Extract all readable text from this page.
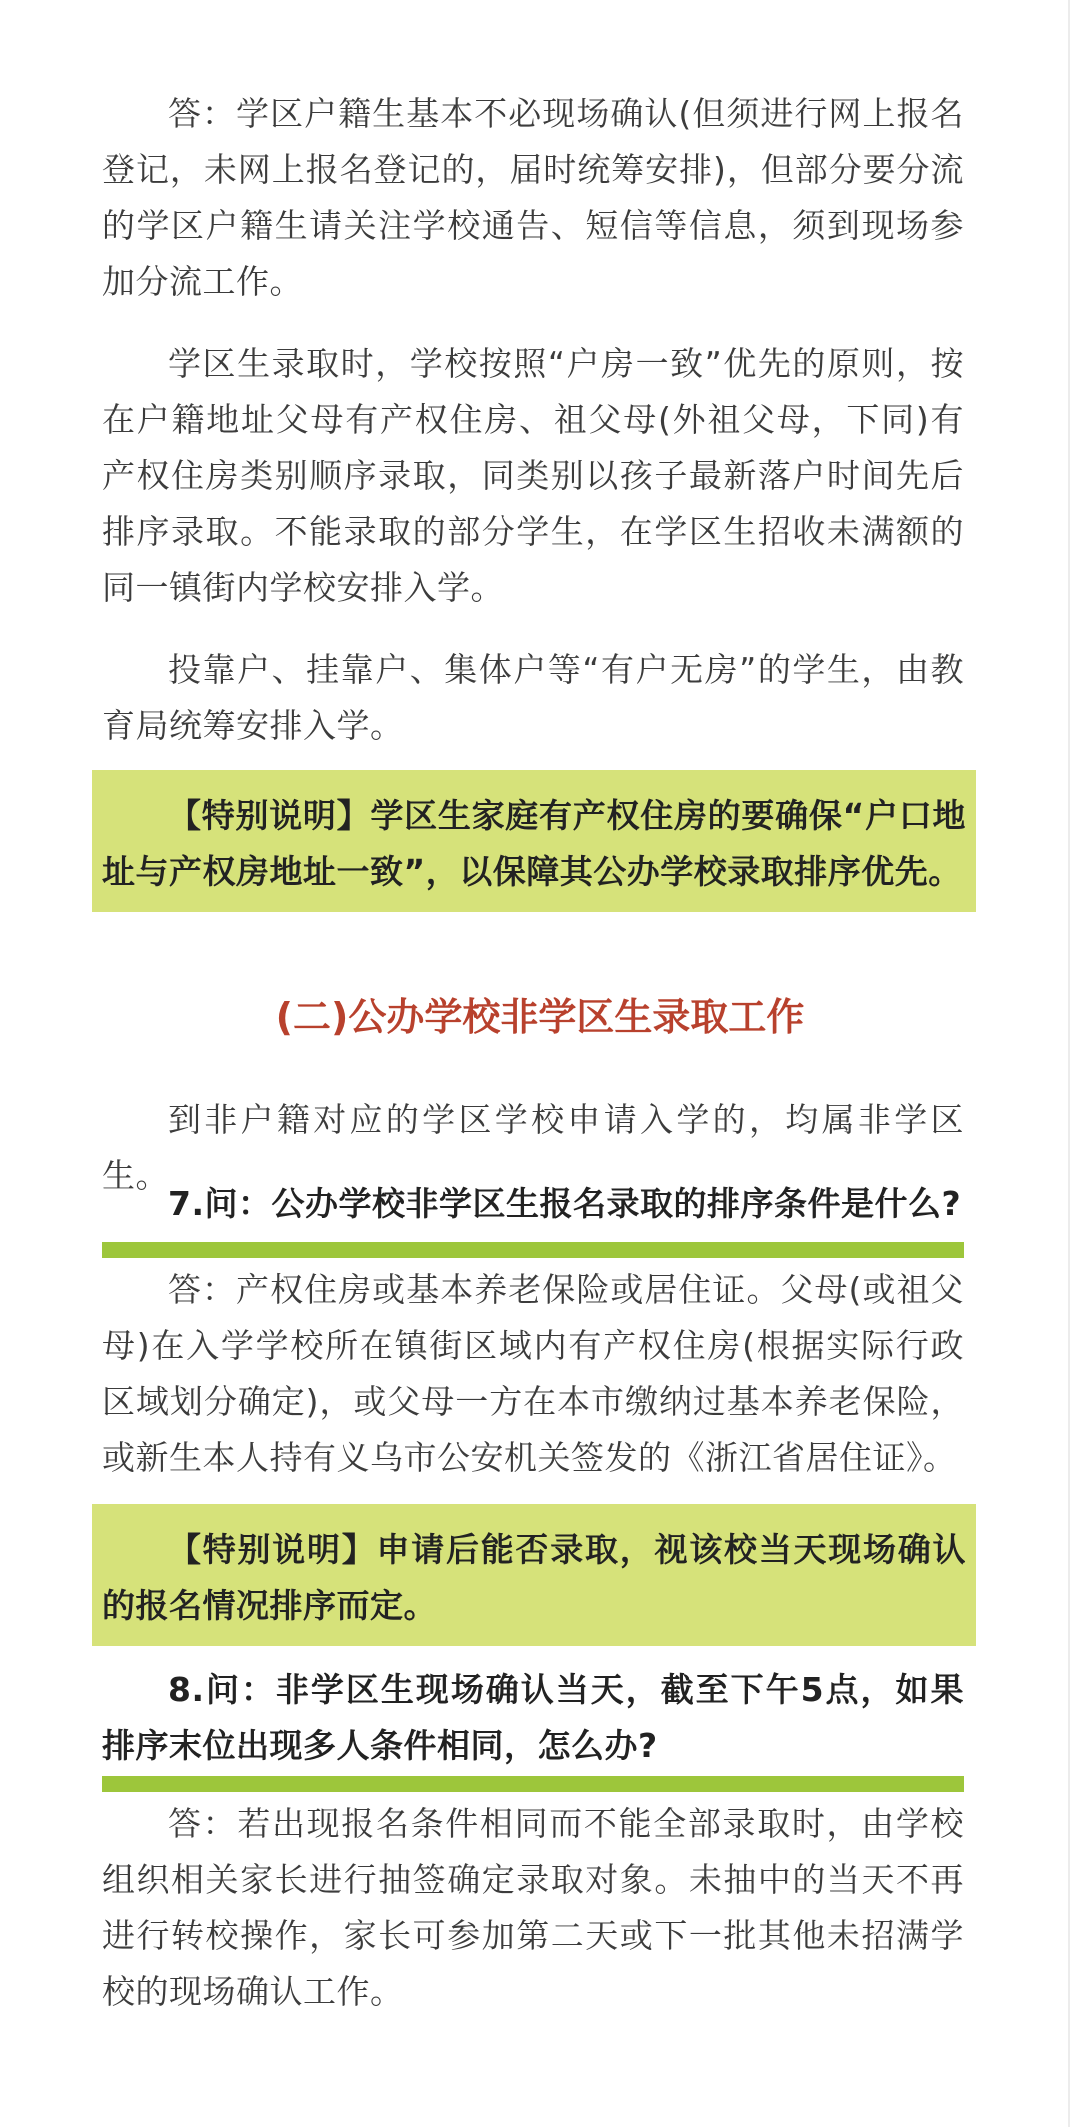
答：学区户籍生基本不必现场确认(但须进行网上报名登记，未网上报名登记的，届时统筹安排)，但部分要分流的学区户籍生请关注学校通告、短信等信息，须到现场参加分流工作。

学区生录取时，学校按照“户房一致”优先的原则，按在户籍地址父母有产权住房、祖父母(外祖父母，下同)有产权住房类别顺序录取，同类别以孩子最新落户时间先后排序录取。不能录取的部分学生，在学区生招收未满额的同一镇街内学校安排入学。

投靠户、挂靠户、集体户等“有户无房”的学生，由教育局统筹安排入学。

【特别说明】学区生家庭有产权住房的要确保“户口地址与产权房地址一致”，以保障其公办学校录取排序优先。

(二)公办学校非学区生录取工作

到非户籍对应的学区学校申请入学的，均属非学区生。

7.问：公办学校非学区生报名录取的排序条件是什么?

答：产权住房或基本养老保险或居住证。父母(或祖父母)在入学学校所在镇街区域内有产权住房(根据实际行政区域划分确定)，或父母一方在本市缴纳过基本养老保险，或新生本人持有义乌市公安机关签发的《浙江省居住证》。

【特别说明】申请后能否录取，视该校当天现场确认的报名情况排序而定。

8.问：非学区生现场确认当天，截至下午5点，如果排序末位出现多人条件相同，怎么办?

答：若出现报名条件相同而不能全部录取时，由学校组织相关家长进行抽签确定录取对象。未抽中的当天不再进行转校操作，家长可参加第二天或下一批其他未招满学校的现场确认工作。
